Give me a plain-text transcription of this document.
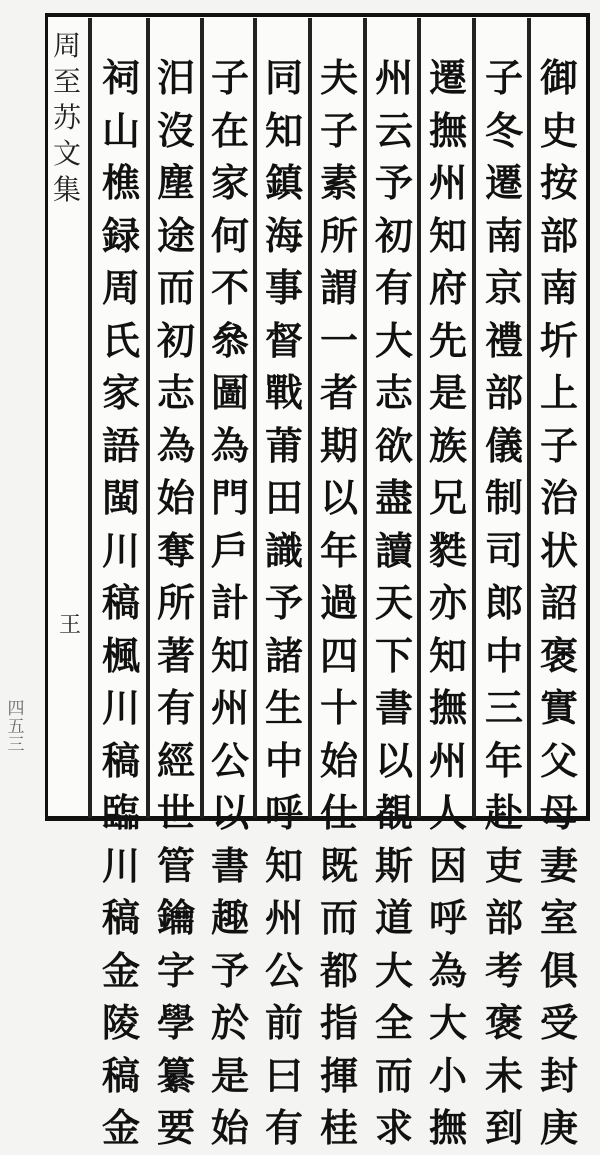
周
至
苏
文
集
王
四
五
三
御
史
按
部
南
圻
上
子
治
状
詔
褒
實
父
母
妻
室
俱
受
封
庚
子
冬
遷
南
京
禮
部
儀
制
司
郎
中
三
年
赴
吏
部
考
褒
未
到
遷
撫
州
知
府
先
是
族
兄
㽔
亦
知
撫
州
人
因
呼
為
大
小
撫
州
云
予
初
有
大
志
欲
盡
讀
天
下
書
以
覩
斯
道
大
全
而
求
夫
子
素
所
謂
一
者
期
以
年
過
四
十
始
仕
既
而
都
指
揮
桂
同
知
鎮
海
事
督
戰
莆
田
識
予
諸
生
中
呼
知
州
公
前
曰
有
子
在
家
何
不
叅
圖
為
門
戶
計
知
州
公
以
書
趣
予
於
是
始
汨
沒
塵
途
而
初
志
為
始
奪
所
著
有
經
世
管
鑰
字
學
纂
要
祠
山
樵
録
周
氏
家
語
閩
川
稿
楓
川
稿
臨
川
稿
金
陵
稿
金
